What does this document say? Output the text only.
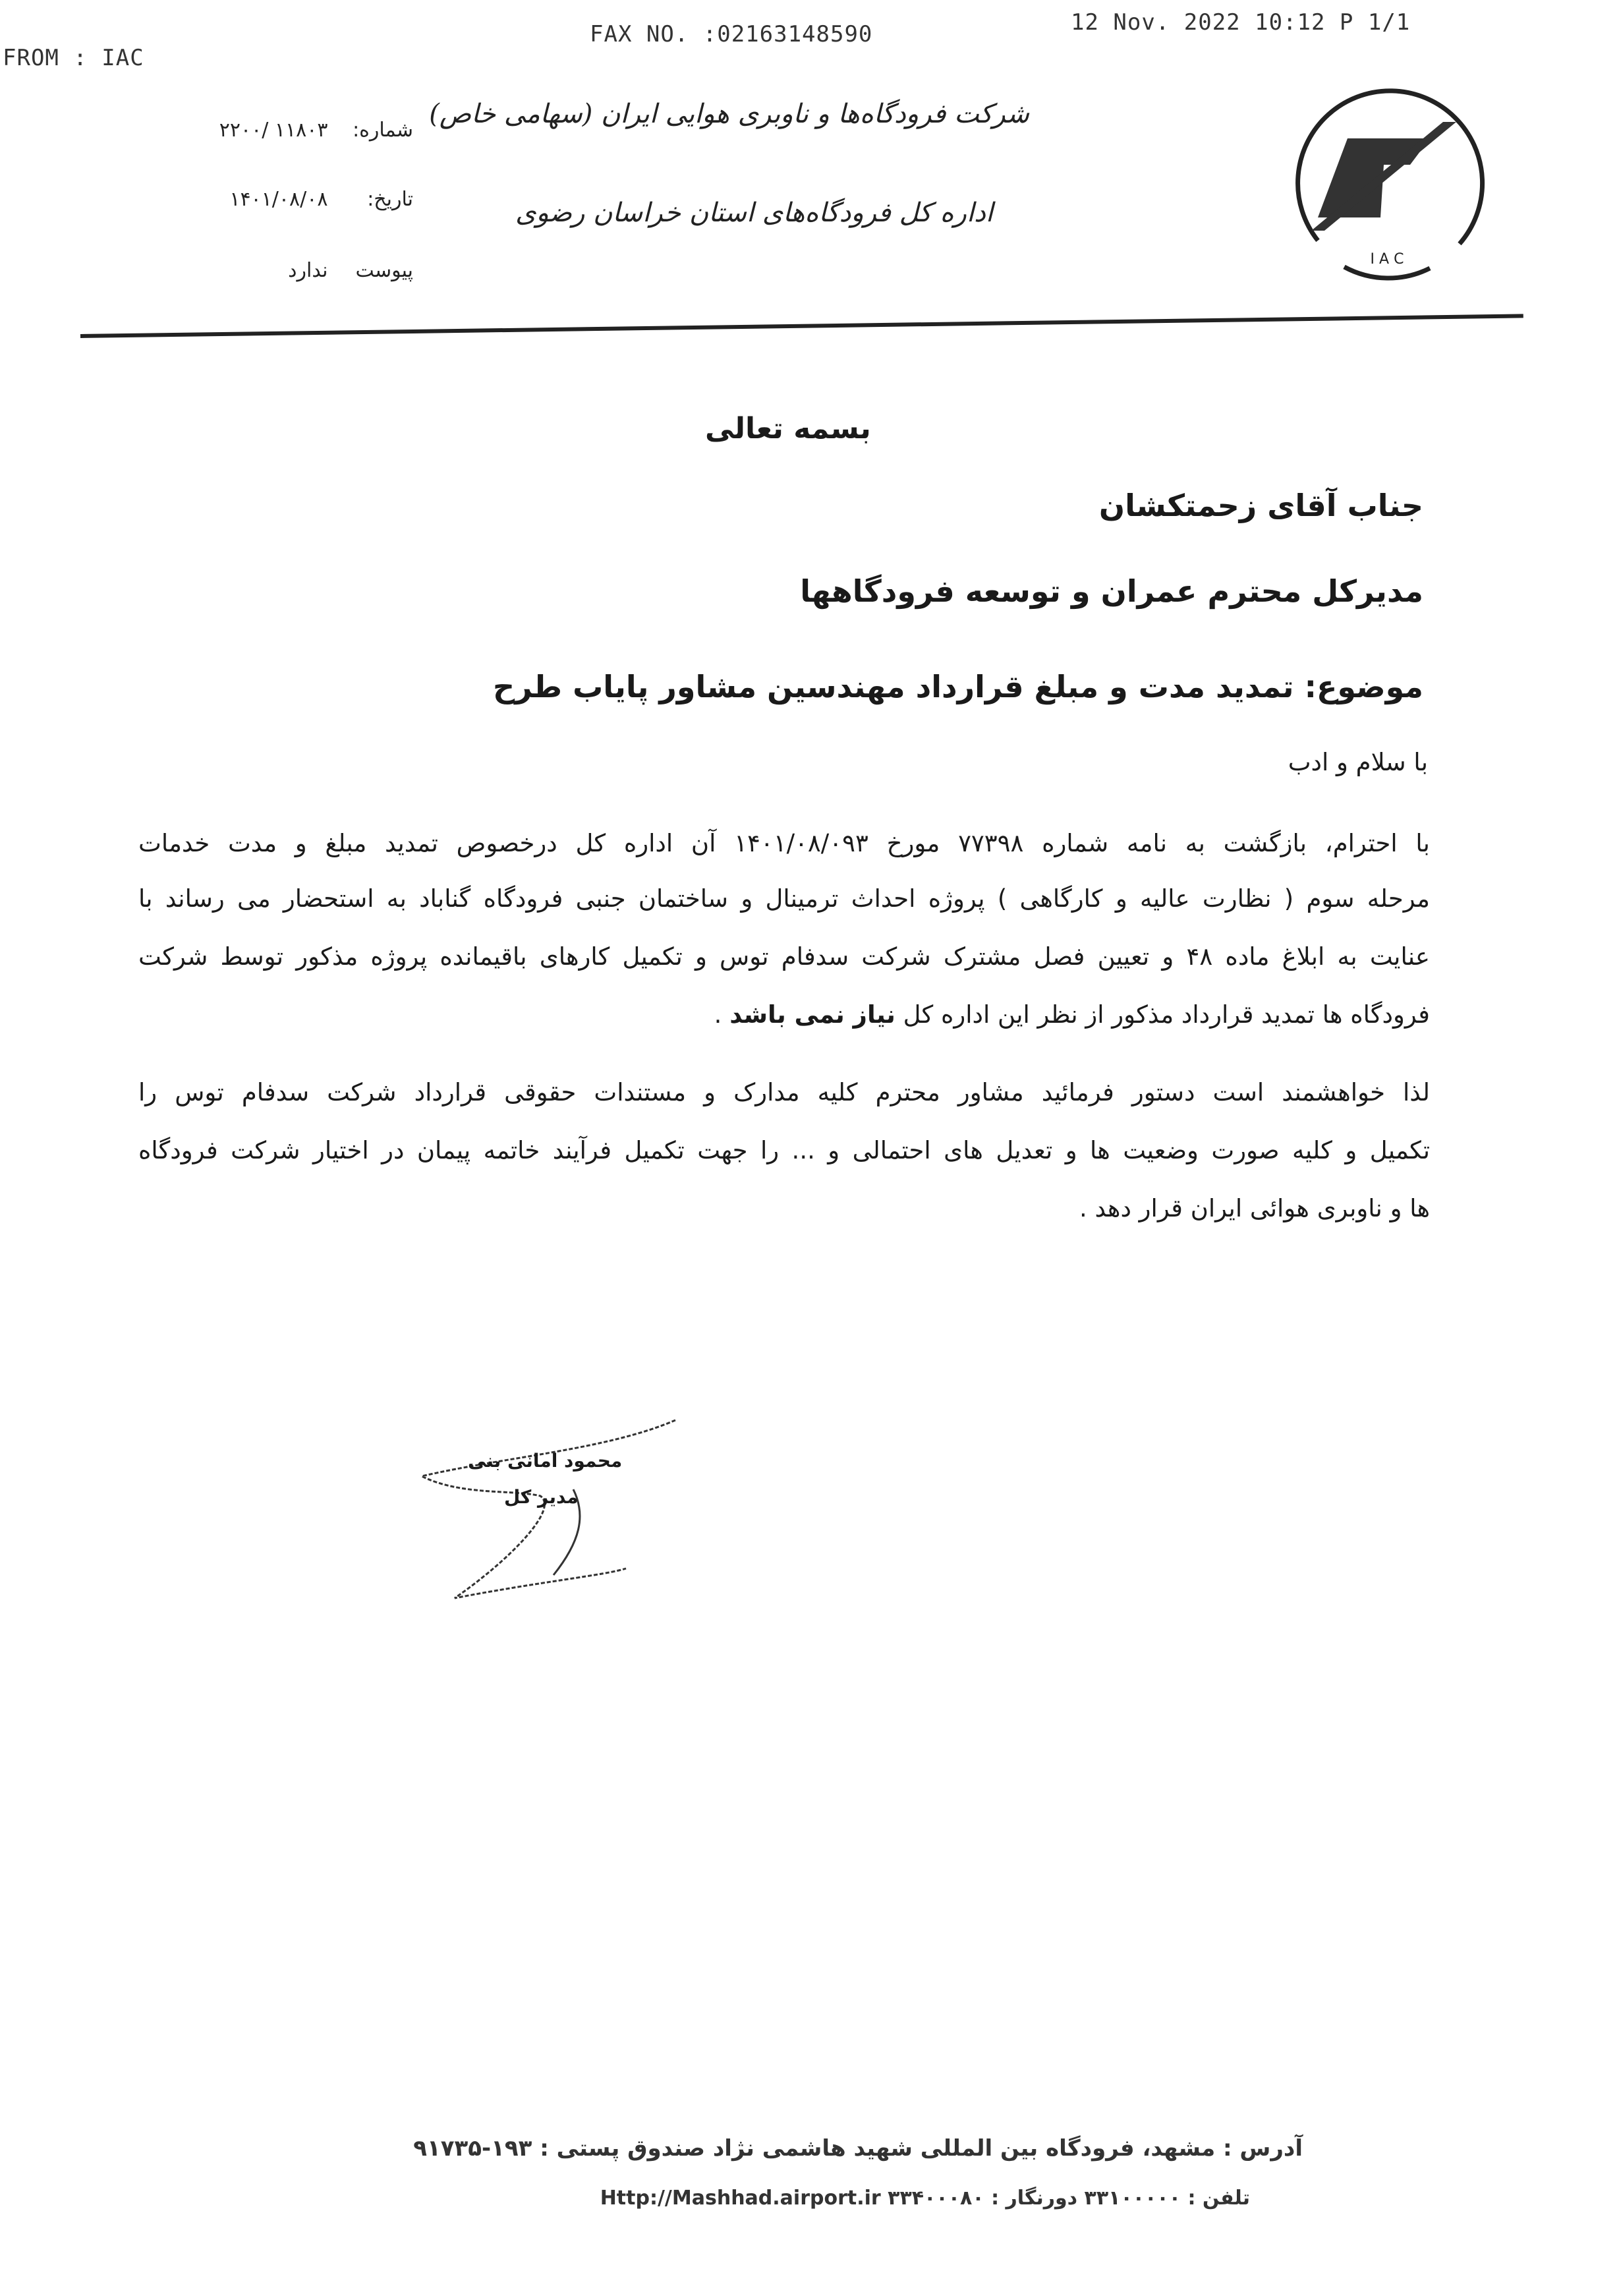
FROM : IAC
FAX NO. :02163148590	12 Nov. 2022 10:12 P 1/1
I A C
شرکت فرودگاه‌ها و ناوبری هوایی ایران (سهامی خاص)
اداره کل فرودگاه‌های استان خراسان رضوی
شماره: ۱۱۸۰۳ /۲۲۰۰
تاریخ: ۱۴۰۱/۰۸/۰۸
پیوست ندارد
بسمه تعالی
جناب آقای زحمتکشان
مدیرکل محترم عمران و توسعه فرودگاهها
موضوع: تمدید مدت و مبلغ قرارداد مهندسین مشاور پایاب طرح
با سلام و ادب
با احترام، بازگشت به نامه شماره ۷۷۳۹۸ مورخ ۱۴۰۱/۰۸/۰۹۳ آن اداره کل درخصوص تمدید مبلغ و مدت خدمات
مرحله سوم ( نظارت عالیه و کارگاهی ) پروژه احداث ترمینال و ساختمان جنبی فرودگاه گناباد به استحضار می رساند با
عنایت به ابلاغ ماده ۴۸ و تعیین فصل مشترک شرکت سدفام توس و تکمیل کارهای باقیمانده پروژه مذکور توسط شرکت
فرودگاه ها تمدید قرارداد مذکور از نظر این اداره کل نیاز نمی باشد .
لذا خواهشمند است دستور فرمائید مشاور محترم کلیه مدارک و مستندات حقوقی قرارداد شرکت سدفام توس را
تکمیل و کلیه صورت وضعیت ها و تعدیل های احتمالی و ... را جهت تکمیل فرآیند خاتمه پیمان در اختیار شرکت فرودگاه
ها و ناوبری هوائی ایران قرار دهد .
محمود امانی بنی
مدیر کل
آدرس : مشهد، فرودگاه بین المللی شهید هاشمی نژاد صندوق پستی : ۱۹۳-۹۱۷۳۵
تلفن : ۳۳۱۰۰۰۰۰ دورنگار : ۳۳۴۰۰۰۸۰ Http://Mashhad.airport.ir
